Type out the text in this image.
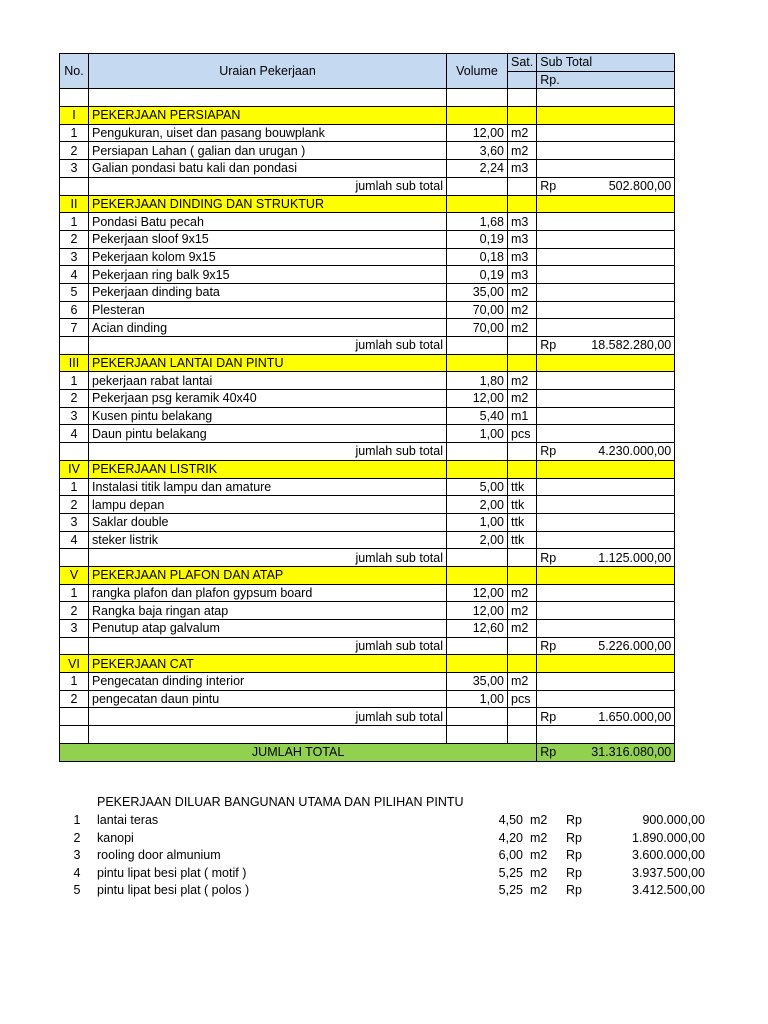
No.	Uraian Pekerjaan	Volume	Sat.	Sub Total
				Rp.

I	PEKERJAAN PERSIAPAN			
1	Pengukuran, uiset dan pasang bouwplank	12,00	m2	
2	Persiapan Lahan ( galian dan urugan )	3,60	m2	
3	Galian pondasi batu kali dan pondasi	2,24	m3	
	jumlah sub total			Rp 502.800,00

II	PEKERJAAN DINDING DAN STRUKTUR			
1	Pondasi Batu pecah	1,68	m3	
2	Pekerjaan sloof 9x15	0,19	m3	
3	Pekerjaan kolom 9x15	0,18	m3	
4	Pekerjaan ring balk 9x15	0,19	m3	
5	Pekerjaan dinding bata	35,00	m2	
6	Plesteran	70,00	m2	
7	Acian dinding	70,00	m2	
	jumlah sub total			Rp 18.582.280,00

III	PEKERJAAN LANTAI DAN PINTU			
1	pekerjaan rabat lantai	1,80	m2	
2	Pekerjaan psg keramik 40x40	12,00	m2	
3	Kusen pintu belakang	5,40	m1	
4	Daun pintu belakang	1,00	pcs	
	jumlah sub total			Rp 4.230.000,00

IV	PEKERJAAN LISTRIK			
1	Instalasi titik lampu dan amature	5,00	ttk	
2	lampu depan	2,00	ttk	
3	Saklar double	1,00	ttk	
4	steker listrik	2,00	ttk	
	jumlah sub total			Rp 1.125.000,00

V	PEKERJAAN PLAFON DAN ATAP			
1	rangka plafon dan plafon gypsum board	12,00	m2	
2	Rangka baja ringan atap	12,00	m2	
3	Penutup atap galvalum	12,60	m2	
	jumlah sub total			Rp 5.226.000,00

VI	PEKERJAAN CAT			
1	Pengecatan dinding interior	35,00	m2	
2	pengecatan daun pintu	1,00	pcs	
	jumlah sub total			Rp 1.650.000,00

JUMLAH TOTAL				Rp 31.316.080,00
PEKERJAAN DILUAR BANGUNAN UTAMA DAN PILIHAN PINTU
1	lantai teras	4,50 m2 Rp	900.000,00
2	kanopi	4,20 m2 Rp	1.890.000,00
3	rooling door almunium	6,00 m2 Rp	3.600.000,00
4	pintu lipat besi plat ( motif )	5,25 m2 Rp	3.937.500,00
5	pintu lipat besi plat ( polos )	5,25 m2 Rp	3.412.500,00
